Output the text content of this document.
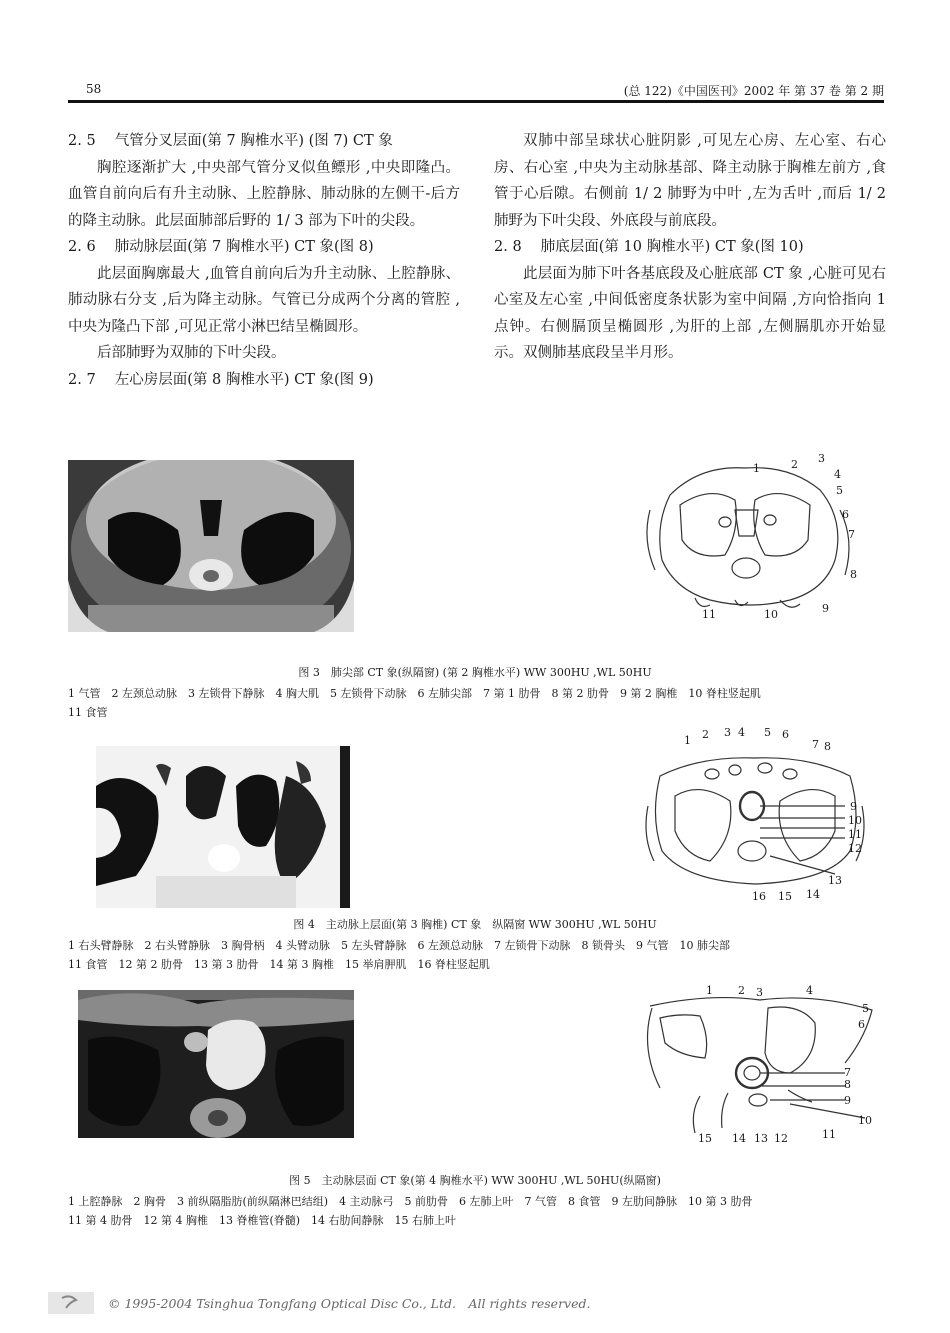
58	(总 122)《中国医刊》2002 年 第 37 卷 第 2 期

2. 5　 气管分叉层面(第 7 胸椎水平) (图 7) CT 象

胸腔逐渐扩大 ,中央部气管分叉似鱼鳔形 ,中央即隆凸。血管自前向后有升主动脉、上腔静脉、肺动脉的左侧干-后方的降主动脉。此层面肺部后野的 1/ 3 部为下叶的尖段。

2. 6　 肺动脉层面(第 7 胸椎水平) CT 象(图 8)

此层面胸廓最大 ,血管自前向后为升主动脉、上腔静脉、肺动脉右分支 ,后为降主动脉。气管已分成两个分离的管腔 ,中央为隆凸下部 ,可见正常小淋巴结呈椭圆形。

后部肺野为双肺的下叶尖段。

2. 7　 左心房层面(第 8 胸椎水平) CT 象(图 9)

双肺中部呈球状心脏阴影 ,可见左心房、左心室、右心房、右心室 ,中央为主动脉基部、降主动脉于胸椎左前方 ,食管于心后隙。右侧前 1/ 2 肺野为中叶 ,左为舌叶 ,而后 1/ 2 肺野为下叶尖段、外底段与前底段。

2. 8　 肺底层面(第 10 胸椎水平) CT 象(图 10)

此层面为肺下叶各基底段及心脏底部 CT 象 ,心脏可见右心室及左心室 ,中间低密度条状影为室中间隔 ,方向恰指向 1 点钟。右侧膈顶呈椭圆形 ,为肝的上部 ,左侧膈肌亦开始显示。双侧肺基底段呈半月形。

1	2 3
4
5
6
7
8
9
10
11
图 3　肺尖部 CT 象(纵隔窗) (第 2 胸椎水平) WW 300HU ,WL 50HU

1 气管　2 左颈总动脉　3 左锁骨下静脉　4 胸大肌　5 左锁骨下动脉　6 左肺尖部　7 第 1 肋骨　8 第 2 肋骨　9 第 2 胸椎　10 脊柱竖起肌

11 食管

1 2 3 4 5 6
7 8
9
10
11
12
13
14
15
16
图 4　主动脉上层面(第 3 胸椎) CT 象　纵隔窗 WW 300HU ,WL 50HU

1 右头臂静脉　2 右头臂静脉　3 胸骨柄　4 头臂动脉　5 左头臂静脉　6 左颈总动脉　7 左锁骨下动脉　8 锁骨头　9 气管　10 肺尖部

11 食管　12 第 2 肋骨　13 第 3 肋骨　14 第 3 胸椎　15 举肩胛肌　16 脊柱竖起肌

1 2 3	4
5
6
7
8
9
10
11
12
13
14
15
图 5　主动脉层面 CT 象(第 4 胸椎水平) WW 300HU ,WL 50HU(纵隔窗)

1 上腔静脉　2 胸骨　3 前纵隔脂肪(前纵隔淋巴结组)　4 主动脉弓　5 前肋骨　6 左肺上叶　7 气管　8 食管　9 左肋间静脉　10 第 3 肋骨

11 第 4 肋骨　12 第 4 胸椎　13 脊椎管(脊髓)　14 右肋间静脉　15 右肺上叶

© 1995-2004 Tsinghua Tongfang Optical Disc Co., Ltd.　All rights reserved.
